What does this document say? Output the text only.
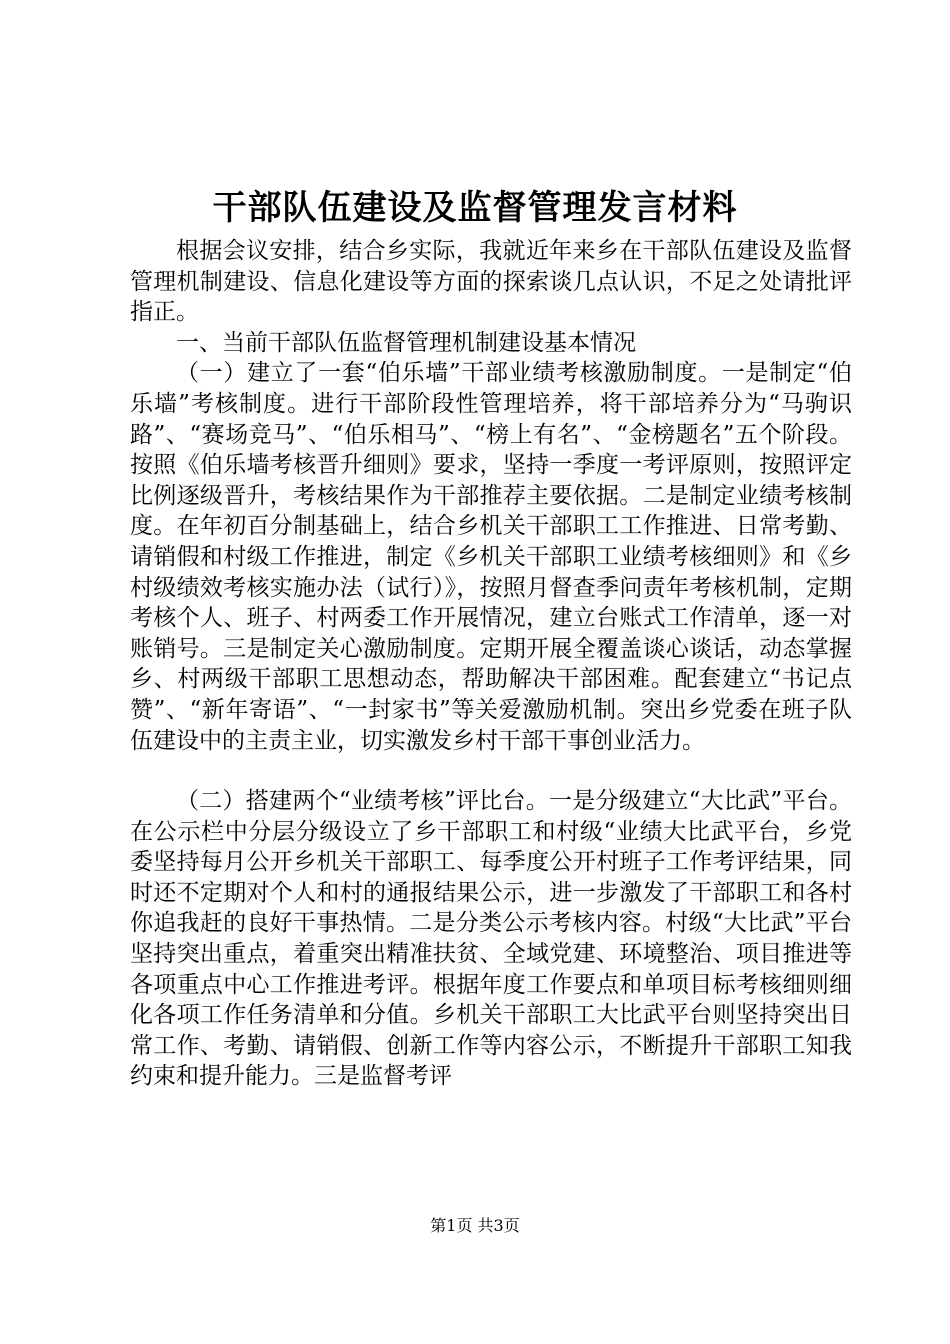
干部队伍建设及监督管理发言材料

根据会议安排，结合乡实际，我就近年来乡在干部队伍建设及监督管理机制建设、信息化建设等方面的探索谈几点认识，不足之处请批评指正。

一、当前干部队伍监督管理机制建设基本情况

（一）建立了一套“伯乐墙”干部业绩考核激励制度。一是制定“伯乐墙”考核制度。进行干部阶段性管理培养，将干部培养分为“马驹识路”、“赛场竞马”、“伯乐相马”、“榜上有名”、“金榜题名”五个阶段。按照《伯乐墙考核晋升细则》要求，坚持一季度一考评原则，按照评定比例逐级晋升，考核结果作为干部推荐主要依据。二是制定业绩考核制度。在年初百分制基础上，结合乡机关干部职工工作推进、日常考勤、请销假和村级工作推进，制定《乡机关干部职工业绩考核细则》和《乡村级绩效考核实施办法（试行）》，按照月督查季问责年考核机制，定期考核个人、班子、村两委工作开展情况，建立台账式工作清单，逐一对账销号。三是制定关心激励制度。定期开展全覆盖谈心谈话，动态掌握乡、村两级干部职工思想动态，帮助解决干部困难。配套建立“书记点赞”、“新年寄语”、“一封家书”等关爱激励机制。突出乡党委在班子队伍建设中的主责主业，切实激发乡村干部干事创业活力。

（二）搭建两个“业绩考核”评比台。一是分级建立“大比武”平台。在公示栏中分层分级设立了乡干部职工和村级“业绩大比武平台，乡党委坚持每月公开乡机关干部职工、每季度公开村班子工作考评结果，同时还不定期对个人和村的通报结果公示，进一步激发了干部职工和各村你追我赶的良好干事热情。二是分类公示考核内容。村级“大比武”平台坚持突出重点，着重突出精准扶贫、全域党建、环境整治、项目推进等各项重点中心工作推进考评。根据年度工作要点和单项目标考核细则细化各项工作任务清单和分值。乡机关干部职工大比武平台则坚持突出日常工作、考勤、请销假、创新工作等内容公示，不断提升干部职工知我约束和提升能力。三是监督考评

第1页 共3页
